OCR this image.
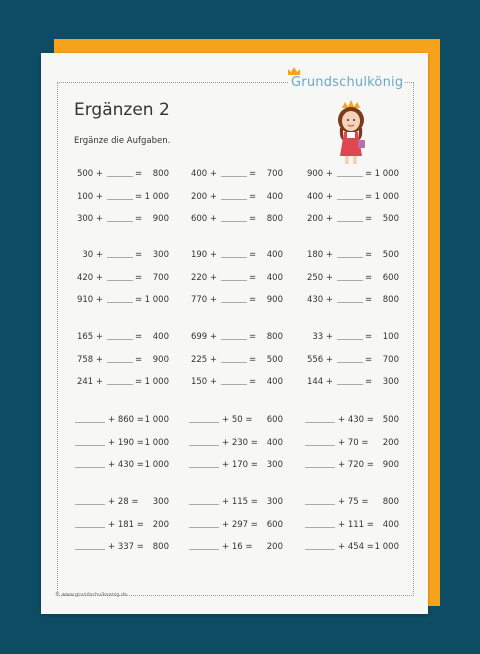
Grundschulkönig
Ergänzen 2
Ergänze die Aufgaben.
500 +	=	800
100 +	= 1 000
300 +	=	900
400 +	=	700
200 +	=	400
600 +	=	800
900 +	= 1 000
400 +	= 1 000
200 +	=	500
30 +	=	300
420 +	=	700
910 +	= 1 000
190 +	=	400
220 +	=	400
770 +	=	900
180 +	=	500
250 +	=	600
430 +	=	800
165 +	=	400
758 +	=	900
241 +	= 1 000
699 +	=	800
225 +	=	500
150 +	=	400
33 +	=	100
556 +	=	700
144 +	=	300
+ 860 = 1 000
+ 190 = 1 000
+ 430 = 1 000
+ 50 =	600
+ 230 =	400
+ 170 =	300
+ 430 =	500
+ 70 =	200
+ 720 =	900
+ 28 =	300
+ 181 =	200
+ 337 =	800
+ 115 =	300
+ 297 =	600
+ 16 =	200
+ 75 =	800
+ 111 =	400
+ 454 = 1 000
© www.grundschulkoenig.de
